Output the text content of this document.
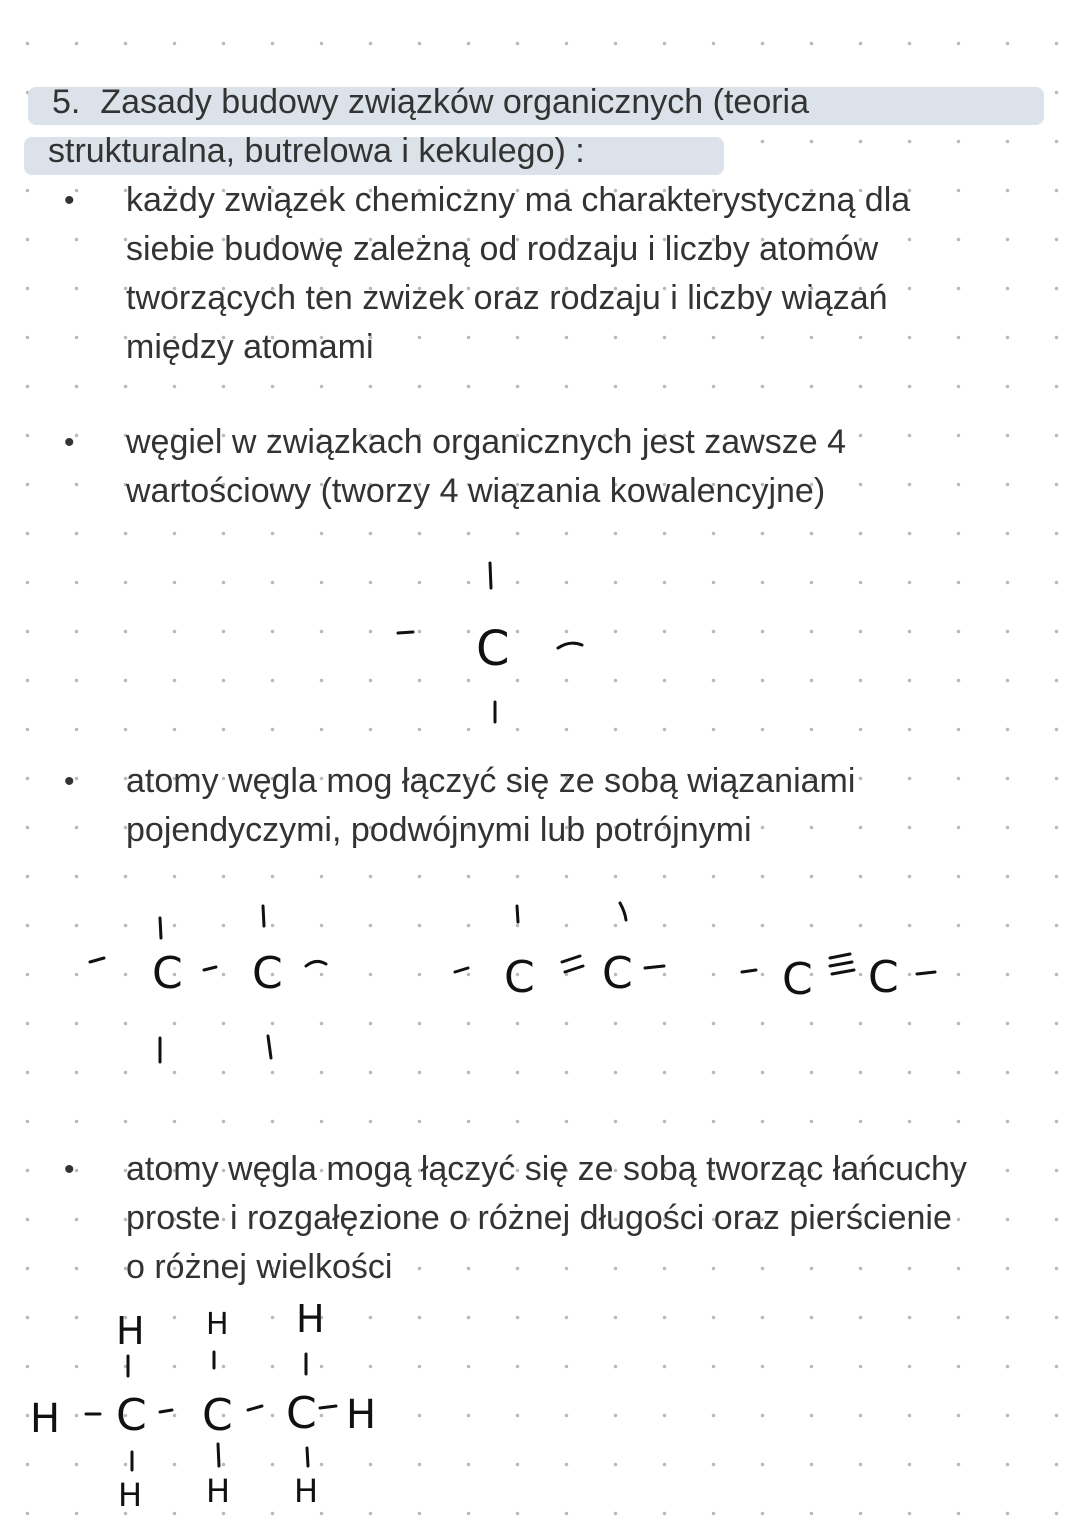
5. Zasady budowy związków organicznych (teoria
strukturalna, butrelowa i kekulego) :
•	każdy związek chemiczny ma charakterystyczną dla
siebie budowę zależną od rodzaju i liczby atomów
tworzących ten zwizek oraz rodzaju i liczby wiązań
między atomami
•	węgiel w związkach organicznych jest zawsze 4
wartościowy (tworzy 4 wiązania kowalencyjne)
•	atomy węgla mog łączyć się ze sobą wiązaniami
pojendyczymi, podwójnymi lub potrójnymi
•	atomy węgla mogą łączyć się ze sobą tworząc łańcuchy
proste i rozgałęzione o różnej długości oraz pierścienie
o różnej wielkości
C
C C	C C	C C
H H H
H C C C H
H H H
